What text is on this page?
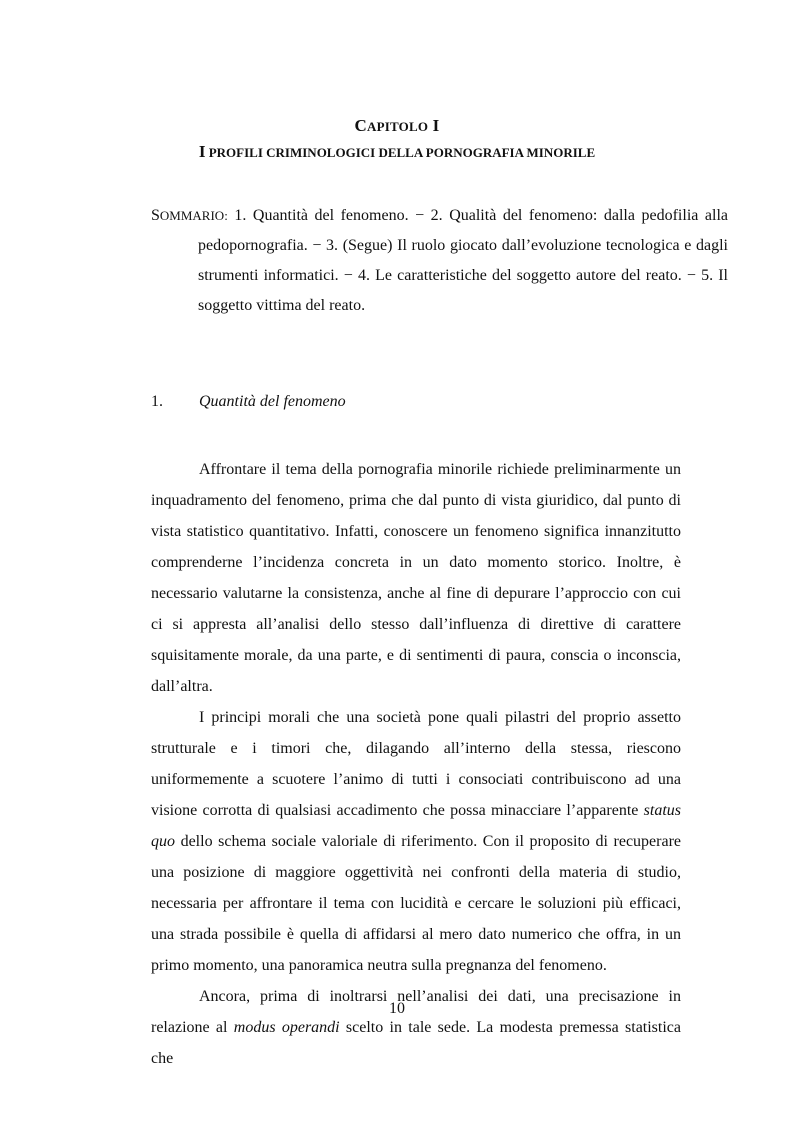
CAPITOLO I
I PROFILI CRIMINOLOGICI DELLA PORNOGRAFIA MINORILE
SOMMARIO: 1. Quantità del fenomeno. − 2. Qualità del fenomeno: dalla pedofilia alla pedopornografia. − 3. (Segue) Il ruolo giocato dall’evoluzione tecnologica e dagli strumenti informatici. − 4. Le caratteristiche del soggetto autore del reato. − 5. Il soggetto vittima del reato.
1. Quantità del fenomeno

Affrontare il tema della pornografia minorile richiede preliminarmente un inquadramento del fenomeno, prima che dal punto di vista giuridico, dal punto di vista statistico quantitativo. Infatti, conoscere un fenomeno significa innanzitutto comprenderne l’incidenza concreta in un dato momento storico. Inoltre, è necessario valutarne la consistenza, anche al fine di depurare l’approccio con cui ci si appresta all’analisi dello stesso dall’influenza di direttive di carattere squisitamente morale, da una parte, e di sentimenti di paura, conscia o inconscia, dall’altra.

I principi morali che una società pone quali pilastri del proprio assetto strutturale e i timori che, dilagando all’interno della stessa, riescono uniformemente a scuotere l’animo di tutti i consociati contribuiscono ad una visione corrotta di qualsiasi accadimento che possa minacciare l’apparente status quo dello schema sociale valoriale di riferimento. Con il proposito di recuperare una posizione di maggiore oggettività nei confronti della materia di studio, necessaria per affrontare il tema con lucidità e cercare le soluzioni più efficaci, una strada possibile è quella di affidarsi al mero dato numerico che offra, in un primo momento, una panoramica neutra sulla pregnanza del fenomeno.

Ancora, prima di inoltrarsi nell’analisi dei dati, una precisazione in relazione al modus operandi scelto in tale sede. La modesta premessa statistica che

10
